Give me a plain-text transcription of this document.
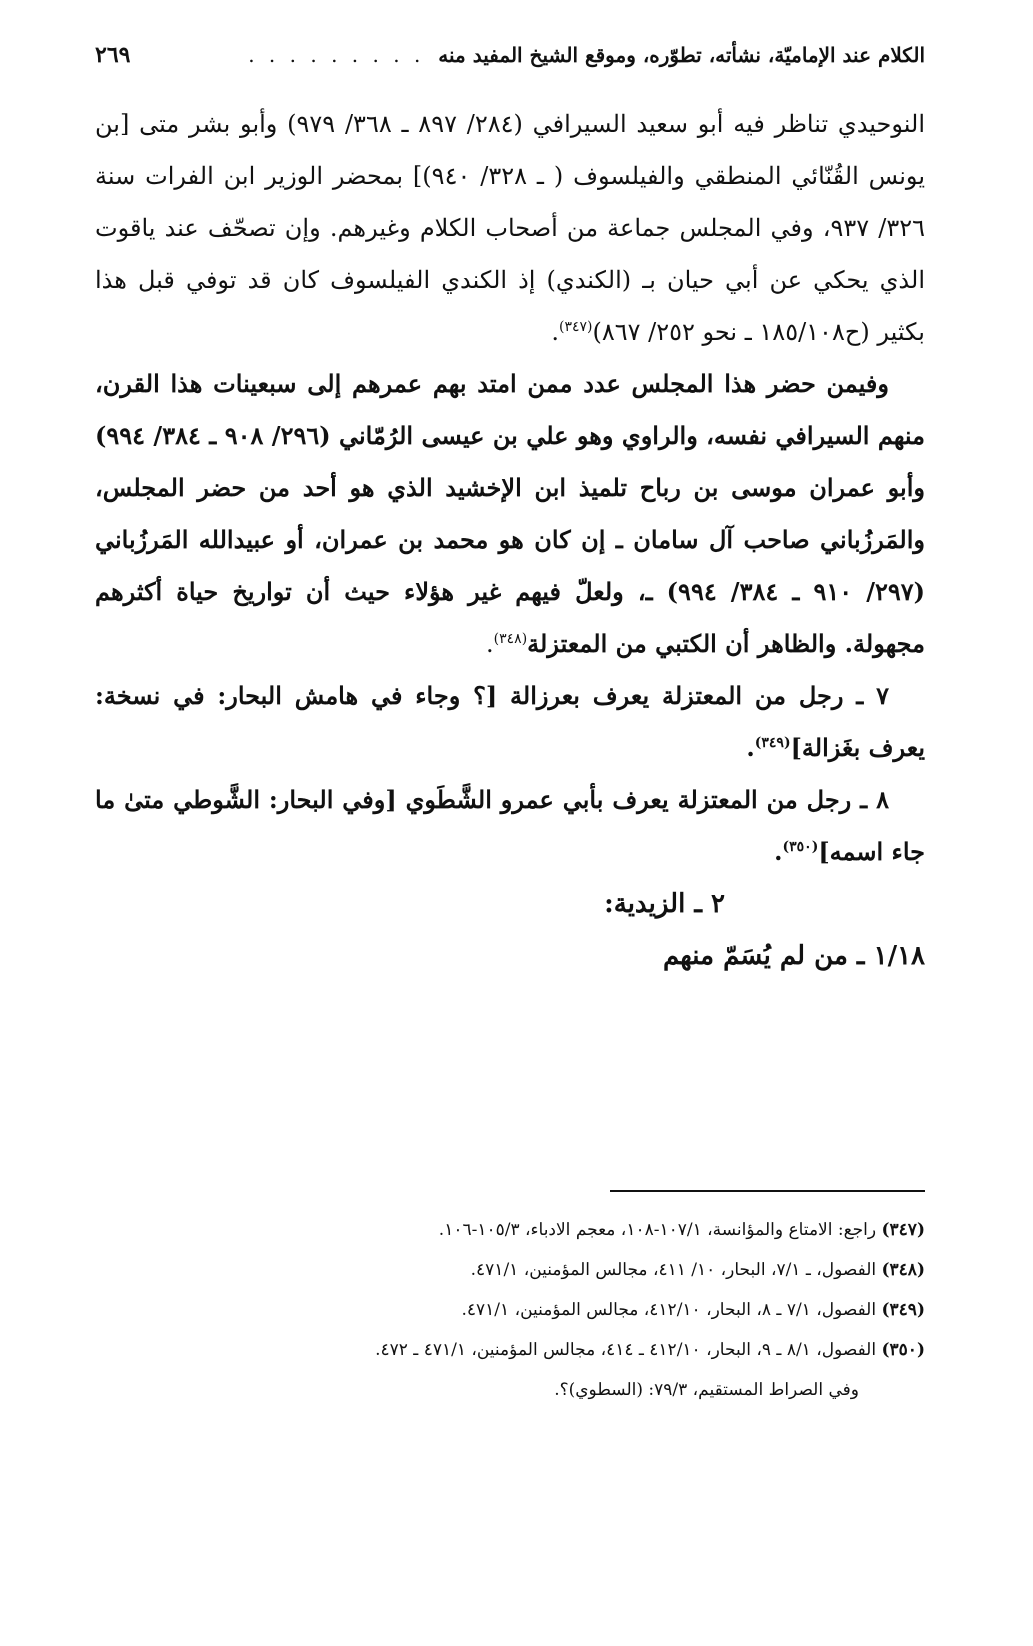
الكلام عند الإماميّة، نشأته، تطوّره، وموقع الشيخ المفيد منه
. . . . . . . . .
٢٦٩

النوحيدي تناظر فيه أبو سعيد السيرافي (٢٨٤/ ٨٩٧ ـ ٣٦٨/ ٩٧٩) وأبو بشر متى [بن يونس القُنّائي المنطقي والفيلسوف ( ـ ٣٢٨/ ٩٤٠)] بمحضر الوزير ابن الفرات سنة ٣٢٦/ ٩٣٧، وفي المجلس جماعة من أصحاب الكلام وغيرهم. وإن تصحّف عند ياقوت الذي يحكي عن أبي حيان بـ (الكندي) إذ الكندي الفيلسوف كان قد توفي قبل هذا بكثير (ح١٨٥/١٠٨ ـ نحو ٢٥٢/ ٨٦٧)$^{(٣٤٧)}$.

وفيمن حضر هذا المجلس عدد ممن امتد بهم عمرهم إلى سبعينات هذا القرن، منهم السيرافي نفسه، والراوي وهو علي بن عيسى الرُمّاني (٢٩٦/ ٩٠٨ ـ ٣٨٤/ ٩٩٤) وأبو عمران موسى بن رباح تلميذ ابن الإخشيد الذي هو أحد من حضر المجلس، والمَرزُباني صاحب آل سامان ـ إن كان هو محمد بن عمران، أو عبيدالله المَرزُباني (٢٩٧/ ٩١٠ ـ ٣٨٤/ ٩٩٤) ـ، ولعلّ فيهم غير هؤلاء حيث أن تواريخ حياة أكثرهم مجهولة. والظاهر أن الكتبي من المعتزلة$^{(٣٤٨)}$.

٧ ـ رجل من المعتزلة يعرف بعرزالة [؟ وجاء في هامش البحار: في نسخة: يعرف بغَزالة]$^{(٣٤٩)}$.

٨ ـ رجل من المعتزلة يعرف بأبي عمرو الشَّطَوي [وفي البحار: الشَّوطي متىٰ ما جاء اسمه]$^{(٣٥٠)}$.

٢ ـ الزيدية:

١/١٨ ـ من لم يُسَمّ منهم

(٣٤٧) راجع: الامتاع والمؤانسة، ١٠٧/١-١٠٨، معجم الادباء، ١٠٥/٣-١٠٦.

(٣٤٨) الفصول، ـ ٧/١، البحار، ١٠/ ٤١١، مجالس المؤمنين، ٤٧١/١.

(٣٤٩) الفصول، ٧/١ ـ ٨، البحار، ٤١٢/١٠، مجالس المؤمنين، ٤٧١/١.

(٣٥٠) الفصول، ٨/١ ـ ٩، البحار، ٤١٢/١٠ ـ ٤١٤، مجالس المؤمنين، ٤٧١/١ ـ ٤٧٢.

وفي الصراط المستقيم، ٧٩/٣: (السطوي)؟.
